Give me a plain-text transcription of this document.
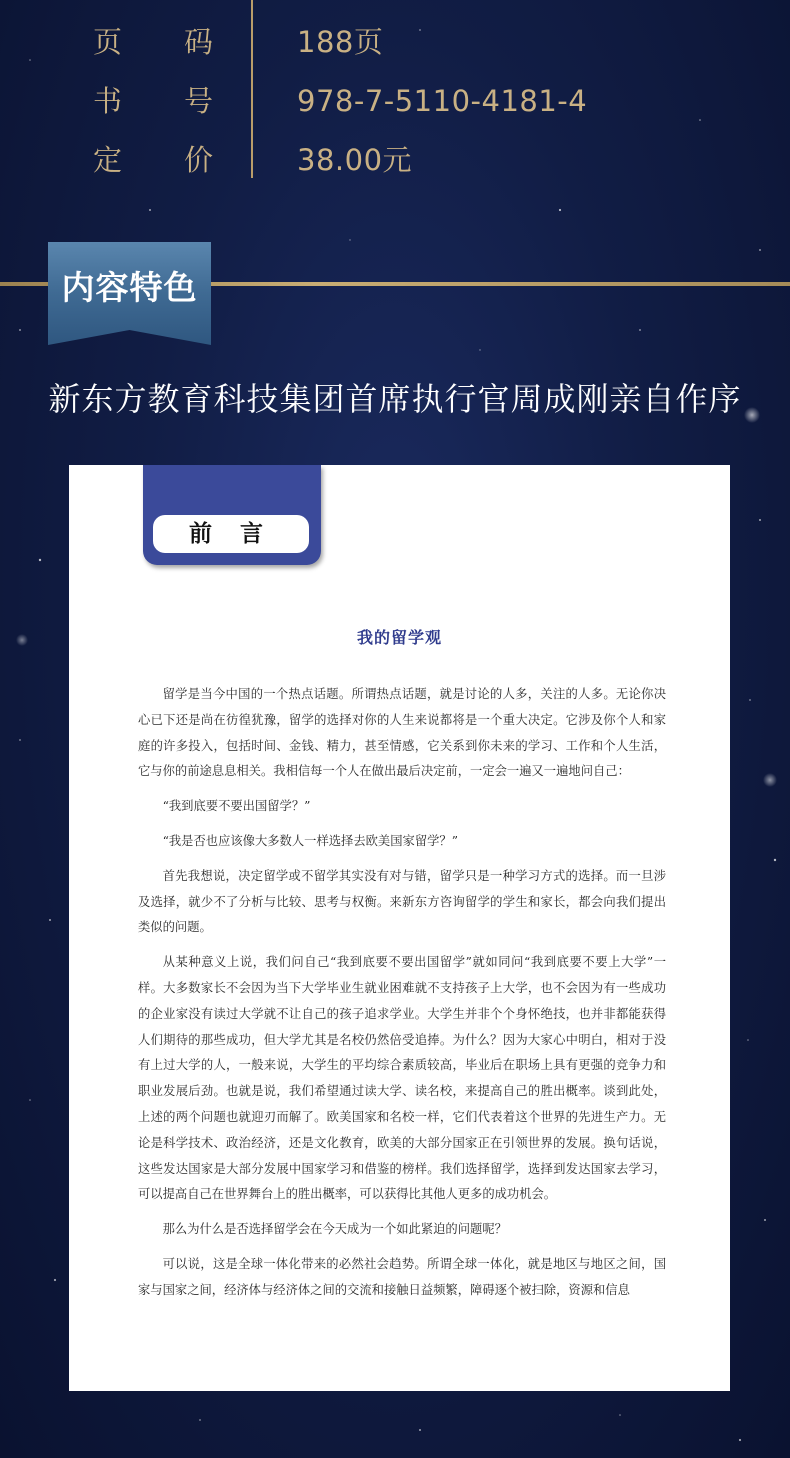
页 码	188页
书 号	978-7-5110-4181-4
定 价	38.00元
内容特色
新东方教育科技集团首席执行官周成刚亲自作序
前 言
我的留学观

留学是当今中国的一个热点话题。所谓热点话题，就是讨论的人多，关注的人多。无论你决心已下还是尚在彷徨犹豫，留学的选择对你的人生来说都将是一个重大决定。它涉及你个人和家庭的许多投入，包括时间、金钱、精力，甚至情感，它关系到你未来的学习、工作和个人生活，它与你的前途息息相关。我相信每一个人在做出最后决定前，一定会一遍又一遍地问自己：

“我到底要不要出国留学？”

“我是否也应该像大多数人一样选择去欧美国家留学？”

首先我想说，决定留学或不留学其实没有对与错，留学只是一种学习方式的选择。而一旦涉及选择，就少不了分析与比较、思考与权衡。来新东方咨询留学的学生和家长，都会向我们提出类似的问题。

从某种意义上说，我们问自己“我到底要不要出国留学”就如同问“我到底要不要上大学”一样。大多数家长不会因为当下大学毕业生就业困难就不支持孩子上大学，也不会因为有一些成功的企业家没有读过大学就不让自己的孩子追求学业。大学生并非个个身怀绝技，也并非都能获得人们期待的那些成功，但大学尤其是名校仍然倍受追捧。为什么？因为大家心中明白，相对于没有上过大学的人，一般来说，大学生的平均综合素质较高，毕业后在职场上具有更强的竞争力和职业发展后劲。也就是说，我们希望通过读大学、读名校，来提高自己的胜出概率。谈到此处，上述的两个问题也就迎刃而解了。欧美国家和名校一样，它们代表着这个世界的先进生产力。无论是科学技术、政治经济，还是文化教育，欧美的大部分国家正在引领世界的发展。换句话说，这些发达国家是大部分发展中国家学习和借鉴的榜样。我们选择留学，选择到发达国家去学习，可以提高自己在世界舞台上的胜出概率，可以获得比其他人更多的成功机会。

那么为什么是否选择留学会在今天成为一个如此紧迫的问题呢？

可以说，这是全球一体化带来的必然社会趋势。所谓全球一体化，就是地区与地区之间，国家与国家之间，经济体与经济体之间的交流和接触日益频繁，障碍逐个被扫除，资源和信息
